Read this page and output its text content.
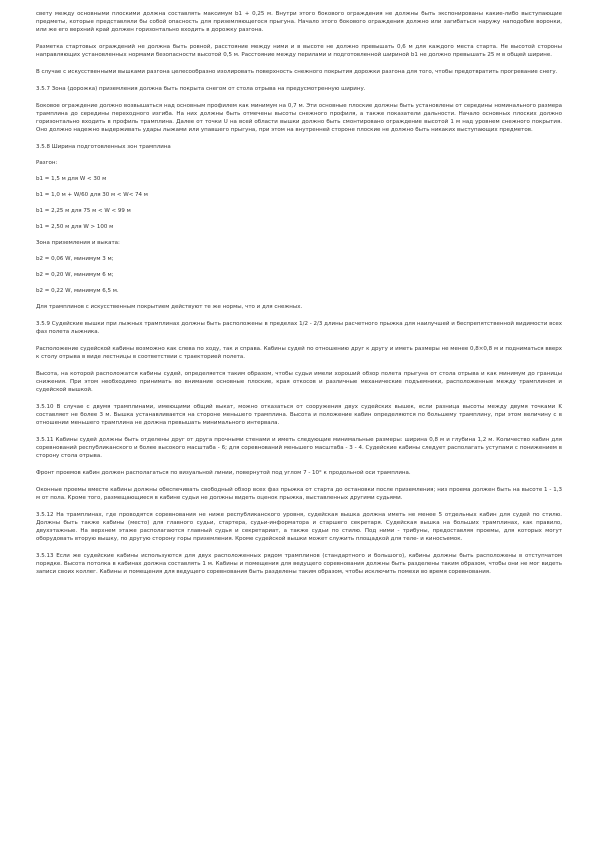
свету между основными плоскими должна составлять максимум b1 + 0,25 м. Внутри этого бокового ограждения не должны быть экспонированы какие-либо выступающие предметы, которые представляли бы собой опасность для приземляющегося прыгуна. Начало этого бокового ограждения должно или загибаться наружу наподобие воронки, или же его верхний край должен горизонтально входить в дорожку разгона.

Разметка стартовых ограждений не должна быть ровной, расстояние между ними и в высоте не должно превышать 0,6 м для каждого места старта. Не высотой стороны направляющих установленных нормами безопасности высотой 0,5 м. Расстояние между перилами и подготовленной шириной b1 не должно превышать 25 м в общей ширине.

В случае с искусственными вышками разгона целесообразно изолировать поверхность снежного покрытия дорожки разгона для того, чтобы предотвратить прогревание снегу.

3.5.7 Зона (дорожка) приземления должна быть покрыта снегом от стола отрыва на предусмотренную ширину.

Боковое ограждение должно возвышаться над основным профилем как минимум на 0,7 м. Эти основные плоские должны быть установлены от середины номинального размера трамплина до середины переходного изгиба. На них должны быть отмечены высоты снежного профиля, а также показатели дальности. Начало основных плоских должно горизонтально входить в профиль трамплина. Далее от точки U на всей области вышки должно быть смонтировано ограждение высотой 1 м над уровнем снежного покрытия. Оно должно надежно выдерживать удары лыжами или упавшего прыгуна, при этом на внутренней стороне плоские не должно быть никаких выступающих предметов.

3.5.8 Ширина подготовленных зон трамплина

Разгон:

b1 = 1,5 м для W < 30 м

b1 = 1,0 м + W/60 для 30 м < W< 74 м

b1 = 2,25 м для 75 м < W < 99 м

b1 = 2,50 м для W > 100 м

Зона приземления и выката:

b2 = 0,06 W, минимум 3 м;

b2 = 0,20 W, минимум 6 м;

b2 = 0,22 W, минимум 6,5 м.

Для трамплинов с искусственным покрытием действуют те же нормы, что и для снежных.

3.5.9 Судейские вышки при лыжных трамплинах должны быть расположены в пределах 1/2 - 2/3 длины расчетного прыжка для наилучшей и беспрепятственной видимости всех фаз полета лыжника.

Расположение судейской кабины возможно как слева по ходу, так и справа. Кабины судей по отношению друг к другу и иметь размеры не менее 0,8×0,8 м и подниматься вверх к столу отрыва в виде лестницы в соответствии с траекторией полета.

Высота, на которой расположатся кабины судей, определяется таким образом, чтобы судьи имели хороший обзор полета прыгуна от стола отрыва и как минимум до границы снижения. При этом необходимо принимать во внимание основные плоские, края откосов и различные механические подъемники, расположенные между трамплином и судейской вышкой.

3.5.10 В случае с двумя трамплинами, имеющими общий выкат, можно отказаться от сооружения двух судейских вышек, если разница высоты между двумя точками K составляет не более 3 м. Вышка устанавливается на стороне меньшего трамплина. Высота и положение кабин определяются по большему трамплину, при этом величину с в отношении меньшего трамплина не должна превышать минимального интервала.

3.5.11 Кабины судей должны быть отделены друг от друга прочными стенами и иметь следующие минимальные размеры: ширина 0,8 м и глубина 1,2 м. Количество кабин для соревнований республиканского и более высокого масштаба - 6; для соревнований меньшего масштаба - 3 - 4. Судейские кабины следует располагать уступами с понижением в сторону стола отрыва.

Фронт проемов кабин должен располагаться по визуальной линии, повернутой под углом 7 - 10° к продольной оси трамплина.

Оконные проемы вместе кабины должны обеспечивать свободный обзор всех фаз прыжка от старта до остановки после приземления; низ проема должен быть на высоте 1 - 1,3 м от пола. Кроме того, размещающиеся в кабине судьи не должны видеть оценок прыжка, выставленных другими судьями.

3.5.12 На трамплинах, где проводятся соревнования не ниже республиканского уровня, судейская вышка должна иметь не менее 5 отдельных кабин для судей по стилю. Должны быть также кабины (место) для главного судьи, стартера, судьи-информатора и старшего секретаря. Судейская вышка на больших трамплинах, как правило, двухэтажные. На верхнем этаже располагаются главный судья и секретариат, а также судьи по стилю. Под ними - трибуны, предоставляя проемы, для которых могут оборудовать вторую вышку, по другую сторону горы приземления. Кроме судейской вышки может служить площадкой для теле- и киносъемок.

3.5.13 Если же судейские кабины используются для двух расположенных рядом трамплинов (стандартного и большого), кабины должны быть расположены в отступчатом порядке. Высота потолка в кабинах должна составлять 1 м. Кабины и помещения для ведущего соревнования должны быть разделены таким образом, чтобы они не мог видеть записи своих коллег. Кабины и помещения для ведущего соревнования быть разделены таким образом, чтобы исключить помехи во время соревнования.
